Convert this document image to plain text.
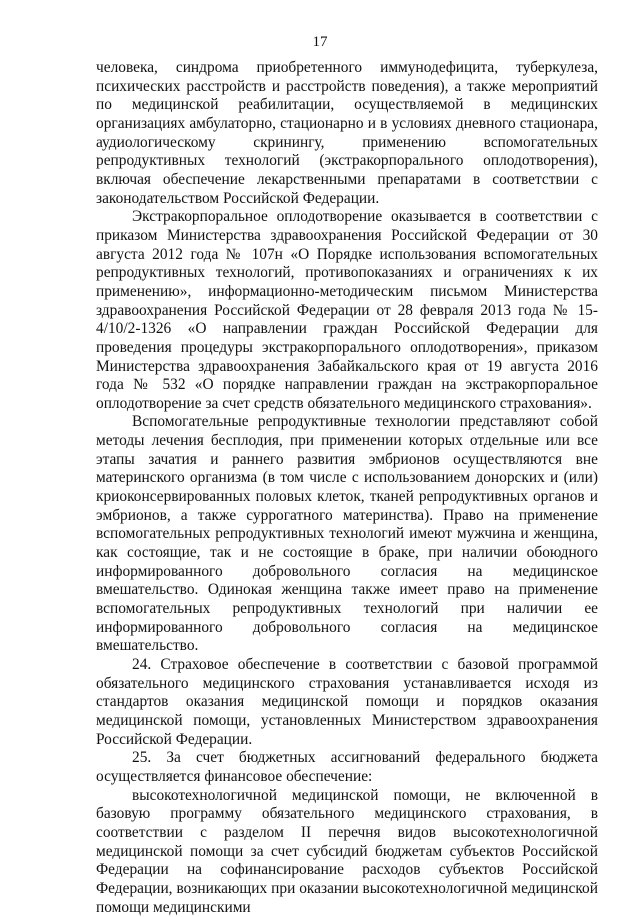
17

человека, синдрома приобретенного иммунодефицита, туберкулеза, психических расстройств и расстройств поведения), а также мероприятий по медицинской реабилитации, осуществляемой в медицинских организациях амбулаторно, стационарно и в условиях дневного стационара, аудиологическому скринингу, применению вспомогательных репродуктивных технологий (экстракорпорального оплодотворения), включая обеспечение лекарственными препаратами в соответствии с законодательством Российской Федерации.

Экстракорпоральное оплодотворение оказывается в соответствии с приказом Министерства здравоохранения Российской Федерации от 30 августа 2012 года № 107н «О Порядке использования вспомогательных репродуктивных технологий, противопоказаниях и ограничениях к их применению», информационно-методическим письмом Министерства здравоохранения Российской Федерации от 28 февраля 2013 года № 15-4/10/2-1326 «О направлении граждан Российской Федерации для проведения процедуры экстракорпорального оплодотворения», приказом Министерства здравоохранения Забайкальского края от 19 августа 2016 года № 532 «О порядке направлении граждан на экстракорпоральное оплодотворение за счет средств обязательного медицинского страхования».

Вспомогательные репродуктивные технологии представляют собой методы лечения бесплодия, при применении которых отдельные или все этапы зачатия и раннего развития эмбрионов осуществляются вне материнского организма (в том числе с использованием донорских и (или) криоконсервированных половых клеток, тканей репродуктивных органов и эмбрионов, а также суррогатного материнства). Право на применение вспомогательных репродуктивных технологий имеют мужчина и женщина, как состоящие, так и не состоящие в браке, при наличии обоюдного информированного добровольного согласия на медицинское вмешательство. Одинокая женщина также имеет право на применение вспомогательных репродуктивных технологий при наличии ее информированного добровольного согласия на медицинское вмешательство.

24. Страховое обеспечение в соответствии с базовой программой обязательного медицинского страхования устанавливается исходя из стандартов оказания медицинской помощи и порядков оказания медицинской помощи, установленных Министерством здравоохранения Российской Федерации.

25. За счет бюджетных ассигнований федерального бюджета осуществляется финансовое обеспечение:

высокотехнологичной медицинской помощи, не включенной в базовую программу обязательного медицинского страхования, в соответствии с разделом II перечня видов высокотехнологичной медицинской помощи за счет субсидий бюджетам субъектов Российской Федерации на софинансирование расходов субъектов Российской Федерации, возникающих при оказании высокотехнологичной медицинской помощи медицинскими
